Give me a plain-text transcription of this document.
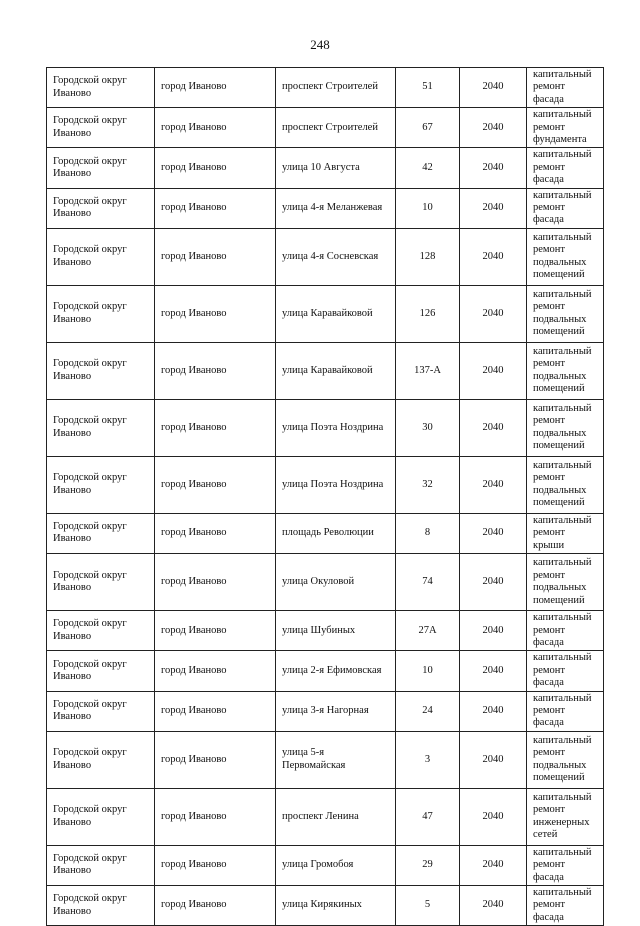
248
Городской округ Иваново	город Иваново	проспект Строителей	51	2040	капитальный ремонт фасада
Городской округ Иваново	город Иваново	проспект Строителей	67	2040	капитальный ремонт фундамента
Городской округ Иваново	город Иваново	улица 10 Августа	42	2040	капитальный ремонт фасада
Городской округ Иваново	город Иваново	улица 4-я Меланжевая	10	2040	капитальный ремонт фасада
Городской округ Иваново	город Иваново	улица 4-я Сосневская	128	2040	капитальный ремонт подвальных помещений
Городской округ Иваново	город Иваново	улица Каравайковой	126	2040	капитальный ремонт подвальных помещений
Городской округ Иваново	город Иваново	улица Каравайковой	137-А	2040	капитальный ремонт подвальных помещений
Городской округ Иваново	город Иваново	улица Поэта Ноздрина	30	2040	капитальный ремонт подвальных помещений
Городской округ Иваново	город Иваново	улица Поэта Ноздрина	32	2040	капитальный ремонт подвальных помещений
Городской округ Иваново	город Иваново	площадь Революции	8	2040	капитальный ремонт крыши
Городской округ Иваново	город Иваново	улица Окуловой	74	2040	капитальный ремонт подвальных помещений
Городской округ Иваново	город Иваново	улица Шубиных	27А	2040	капитальный ремонт фасада
Городской округ Иваново	город Иваново	улица 2-я Ефимовская	10	2040	капитальный ремонт фасада
Городской округ Иваново	город Иваново	улица 3-я Нагорная	24	2040	капитальный ремонт фасада
Городской округ Иваново	город Иваново	улица 5-я Первомайская	3	2040	капитальный ремонт подвальных помещений
Городской округ Иваново	город Иваново	проспект Ленина	47	2040	капитальный ремонт инженерных сетей
Городской округ Иваново	город Иваново	улица Громобоя	29	2040	капитальный ремонт фасада
Городской округ Иваново	город Иваново	улица Кирякиных	5	2040	капитальный ремонт фасада
